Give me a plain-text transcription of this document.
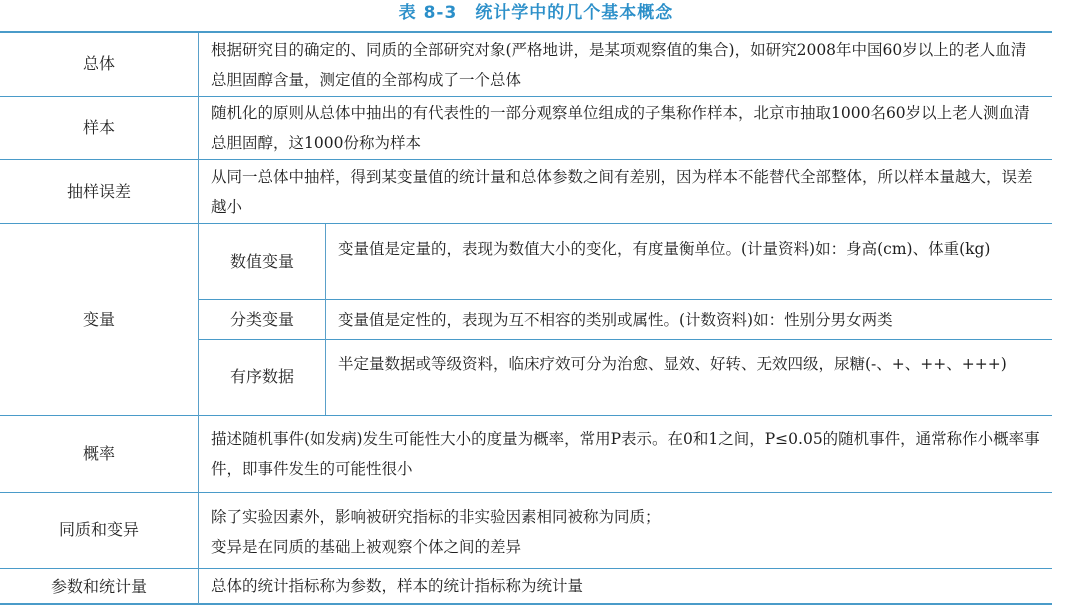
表 8-3 统计学中的几个基本概念
总体
根据研究目的确定的、同质的全部研究对象(严格地讲，是某项观察值的集合)，如研究2008年中国60岁以上的老人血清总胆固醇含量，测定值的全部构成了一个总体
样本
随机化的原则从总体中抽出的有代表性的一部分观察单位组成的子集称作样本，北京市抽取1000名60岁以上老人测血清总胆固醇，这1000份称为样本
抽样误差
从同一总体中抽样，得到某变量值的统计量和总体参数之间有差别，因为样本不能替代全部整体，所以样本量越大，误差越小
变量
数值变量
变量值是定量的，表现为数值大小的变化，有度量衡单位。(计量资料)如：身高(cm)、体重(kg)
分类变量	变量值是定性的，表现为互不相容的类别或属性。(计数资料)如：性别分男女两类
有序数据
半定量数据或等级资料，临床疗效可分为治愈、显效、好转、无效四级，尿糖(-、+、++、+++)
概率
描述随机事件(如发病)发生可能性大小的度量为概率，常用P表示。在0和1之间，P≤0.05的随机事件，通常称作小概率事件，即事件发生的可能性很小
同质和变异
除了实验因素外，影响被研究指标的非实验因素相同被称为同质；
变异是在同质的基础上被观察个体之间的差异
参数和统计量	总体的统计指标称为参数，样本的统计指标称为统计量
